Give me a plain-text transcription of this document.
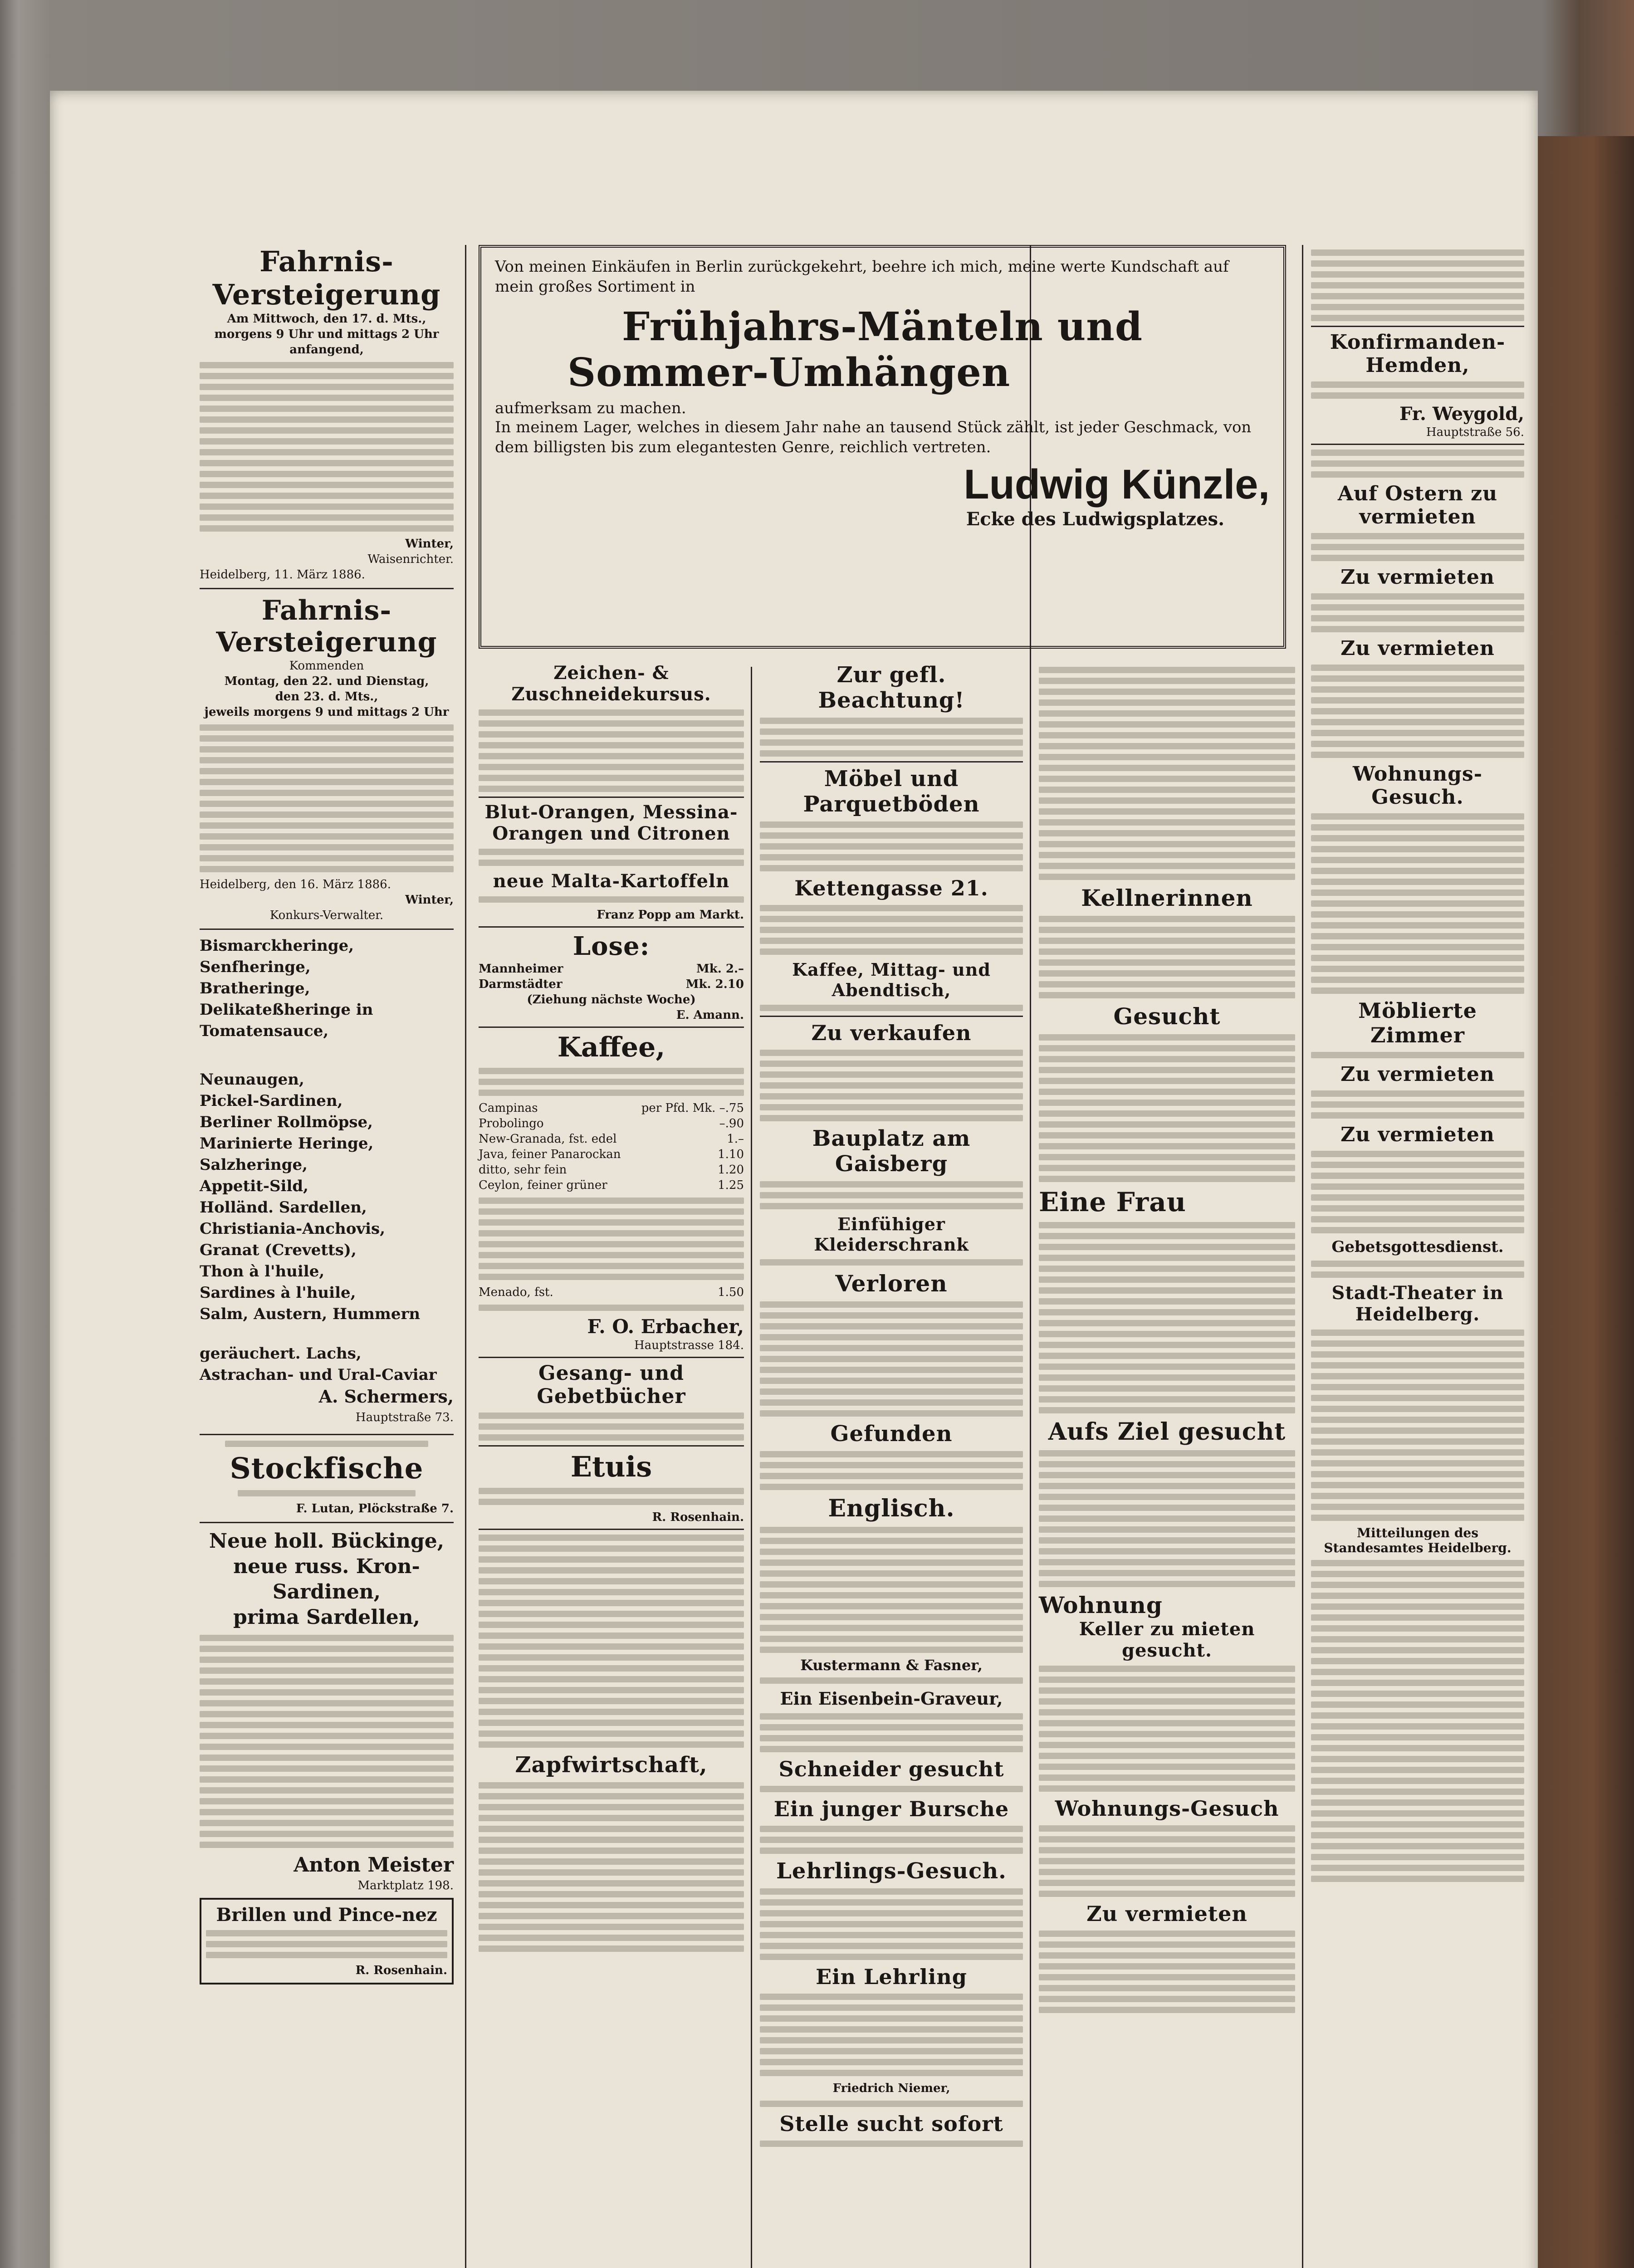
Fahrnis-Versteigerung
Am Mittwoch, den 17. d. Mts.,
morgens 9 Uhr und mittags 2 Uhr
anfangend,
Winter,
Waisenrichter.
Heidelberg, 11. März 1886.
Fahrnis-Versteigerung
Kommenden
Montag, den 22. und Dienstag,
den 23. d. Mts.,
jeweils morgens 9 und mittags 2 Uhr
Heidelberg, den 16. März 1886.
Winter,
Konkurs-Verwalter.
Bismarckheringe,
Senfheringe,
Bratheringe,
Delikateßheringe in Tomatensauce,
Neunaugen,
Pickel-Sardinen,
Berliner Rollmöpse,
Marinierte Heringe,
Salzheringe,
Appetit-Sild,
Holländ. Sardellen,
Christiania-Anchovis,
Granat (Crevetts),
Thon à l'huile,
Sardines à l'huile,
Salm, Austern, Hummern
geräuchert. Lachs,
Astrachan- und Ural-Caviar
A. Schermers,
Hauptstraße 73.
Stockfische
F. Lutan, Plöckstraße 7.
Neue holl. Bückinge,
neue russ. Kron-Sardinen,
prima Sardellen,
Anton Meister
Marktplatz 198.
Brillen und Pince-nez
R. Rosenhain.
Von meinen Einkäufen in Berlin zurückgekehrt, beehre ich mich, meine werte Kundschaft auf mein großes Sortiment in
Frühjahrs-Mänteln und
Sommer-Umhängen
aufmerksam zu machen.
In meinem Lager, welches in diesem Jahr nahe an tausend Stück zählt, ist jeder Geschmack, von dem billigsten bis zum elegantesten Genre, reichlich vertreten.
Ludwig Künzle,
Ecke des Ludwigsplatzes.
Zeichen- & Zuschneidekursus.
Blut-Orangen, Messina-Orangen und Citronen
neue Malta-Kartoffeln
Franz Popp am Markt.
Lose:
Mannheimer	Mk. 2.–
Darmstädter	Mk. 2.10
(Ziehung nächste Woche)
E. Amann.
Kaffee,
Campinas	per Pfd. Mk. –.75
Probolingo	–.90
New-Granada, fst. edel	1.–
Java, feiner Panarockan	1.10
ditto, sehr fein	1.20
Ceylon, feiner grüner	1.25
Menado, fst.	1.50
F. O. Erbacher,
Hauptstrasse 184.
Gesang- und Gebetbücher
Etuis
R. Rosenhain.
Zapfwirtschaft,
Zur gefl. Beachtung!
Möbel und Parquetböden
Kettengasse 21.
Kaffee, Mittag- und Abendtisch,
Zu verkaufen
Bauplatz am Gaisberg
Einfühiger Kleiderschrank
Verloren
Gefunden
Englisch.
Kustermann & Fasner,
Ein Eisenbein-Graveur,
Schneider gesucht
Ein junger Bursche
Lehrlings-Gesuch.
Ein Lehrling
Friedrich Niemer,
Stelle sucht sofort
Kellnerinnen
Gesucht
Eine Frau
Aufs Ziel gesucht
Wohnung
Keller zu mieten gesucht.
Wohnungs-Gesuch
Zu vermieten
Konfirmanden-Hemden,
Fr. Weygold,
Hauptstraße 56.
Auf Ostern zu vermieten
Zu vermieten
Zu vermieten
Wohnungs-Gesuch.
Möblierte Zimmer
Zu vermieten
Zu vermieten
Gebetsgottesdienst.
Stadt-Theater in Heidelberg.
Mitteilungen des Standesamtes Heidelberg.
